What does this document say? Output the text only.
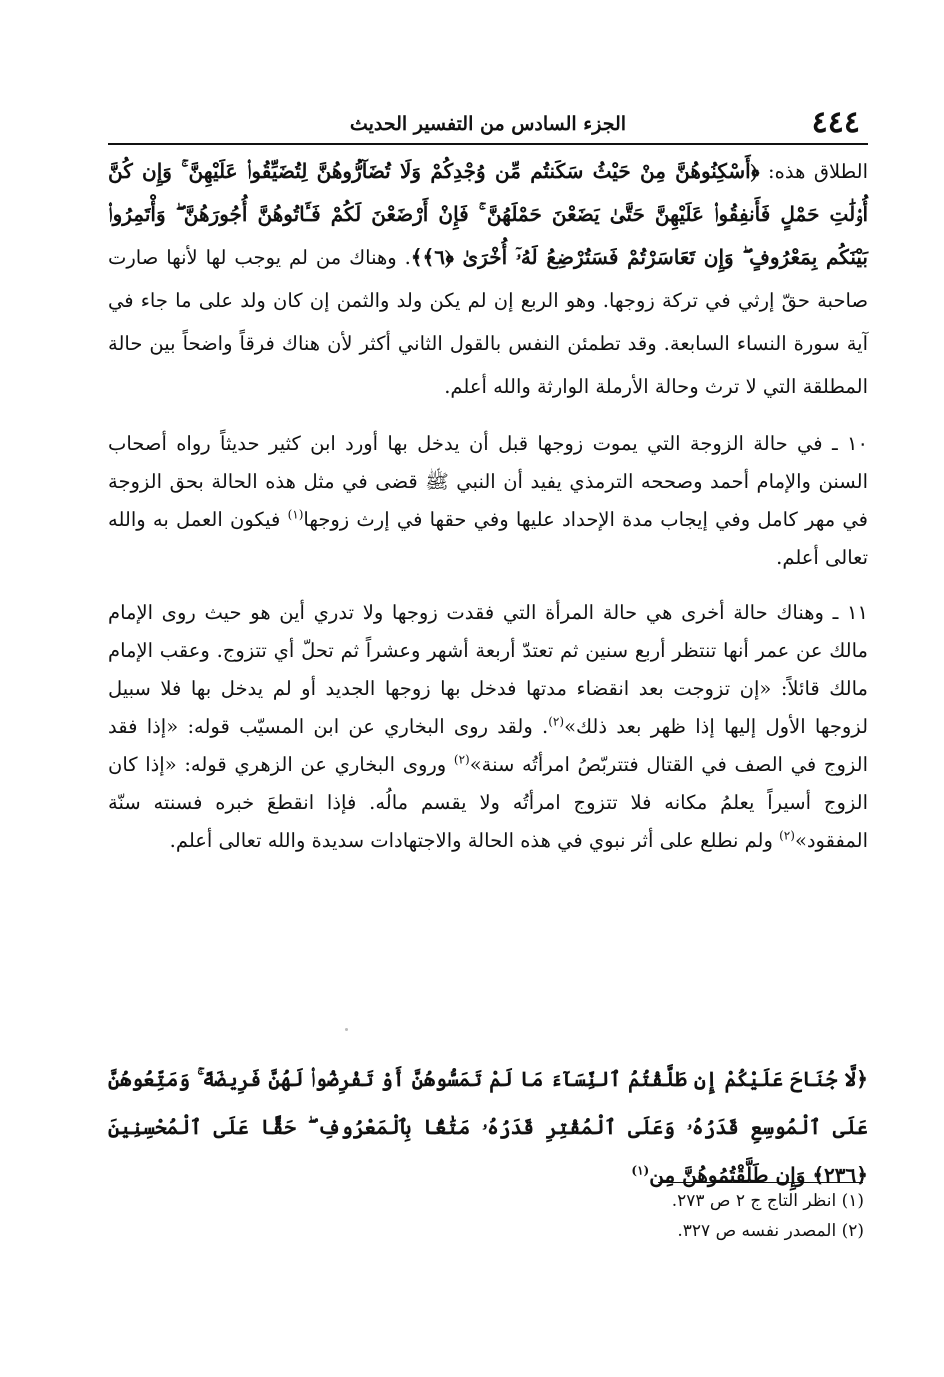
٤٤٤
الجزء السادس من التفسير الحديث

الطلاق هذه: ﴿أَسْكِنُوهُنَّ مِنْ حَيْثُ سَكَنتُم مِّن وُجْدِكُمْ وَلَا تُضَآرُّوهُنَّ لِتُضَيِّقُوا۟ عَلَيْهِنَّ ۚ وَإِن كُنَّ أُو۟لَٰتِ حَمْلٍ فَأَنفِقُوا۟ عَلَيْهِنَّ حَتَّىٰ يَضَعْنَ حَمْلَهُنَّ ۚ فَإِنْ أَرْضَعْنَ لَكُمْ فَـَٔاتُوهُنَّ أُجُورَهُنَّ ۖ وَأْتَمِرُوا۟ بَيْنَكُم بِمَعْرُوفٍ ۖ وَإِن تَعَاسَرْتُمْ فَسَتُرْضِعُ لَهُۥٓ أُخْرَىٰ ﴿٦﴾﴾. وهناك من لم يوجب لها لأنها صارت صاحبة حقّ إرثي في تركة زوجها. وهو الربع إن لم يكن ولد والثمن إن كان ولد على ما جاء في آية سورة النساء السابعة. وقد تطمئن النفس بالقول الثاني أكثر لأن هناك فرقاً واضحاً بين حالة المطلقة التي لا ترث وحالة الأرملة الوارثة والله أعلم.

١٠ ـ في حالة الزوجة التي يموت زوجها قبل أن يدخل بها أورد ابن كثير حديثاً رواه أصحاب السنن والإمام أحمد وصححه الترمذي يفيد أن النبي ﷺ قضى في مثل هذه الحالة بحق الزوجة في مهر كامل وفي إيجاب مدة الإحداد عليها وفي حقها في إرث زوجها$^{(١)}$ فيكون العمل به والله تعالى أعلم.

١١ ـ وهناك حالة أخرى هي حالة المرأة التي فقدت زوجها ولا تدري أين هو حيث روى الإمام مالك عن عمر أنها تنتظر أربع سنين ثم تعتدّ أربعة أشهر وعشراً ثم تحلّ أي تتزوج. وعقب الإمام مالك قائلاً: «إن تزوجت بعد انقضاء مدتها فدخل بها زوجها الجديد أو لم يدخل بها فلا سبيل لزوجها الأول إليها إذا ظهر بعد ذلك»$^{(٢)}$. ولقد روى البخاري عن ابن المسيّب قوله: «إذا فقد الزوج في الصف في القتال فتتربّصُ امرأتُه سنة»$^{(٢)}$ وروى البخاري عن الزهري قوله: «إذا كان الزوج أسيراً يعلمُ مكانه فلا تتزوج امرأتُه ولا يقسم مالُه. فإذا انقطعَ خبره فسنته سنّة المفقود»$^{(٢)}$ ولم نطلع على أثر نبوي في هذه الحالة والاجتهادات سديدة والله تعالى أعلم.

﴿لَّا جُنَاحَ عَلَيْكُمْ إِن طَلَّقْتُمُ ٱلنِّسَآءَ مَا لَمْ تَمَسُّوهُنَّ أَوْ تَفْرِضُوا۟ لَهُنَّ فَرِيضَةً ۚ وَمَتِّعُوهُنَّ عَلَى ٱلْمُوسِعِ قَدَرُهُۥ وَعَلَى ٱلْمُقْتِرِ قَدَرُهُۥ مَتَٰعًۢا بِٱلْمَعْرُوفِ ۖ حَقًّا عَلَى ٱلْمُحْسِنِينَ ﴿٢٣٦﴾ وَإِن طَلَّقْتُمُوهُنَّ مِن$^{(١)}$

(١) انظر التاج ج ٢ ص ٢٧٣.

(٢) المصدر نفسه ص ٣٢٧.
